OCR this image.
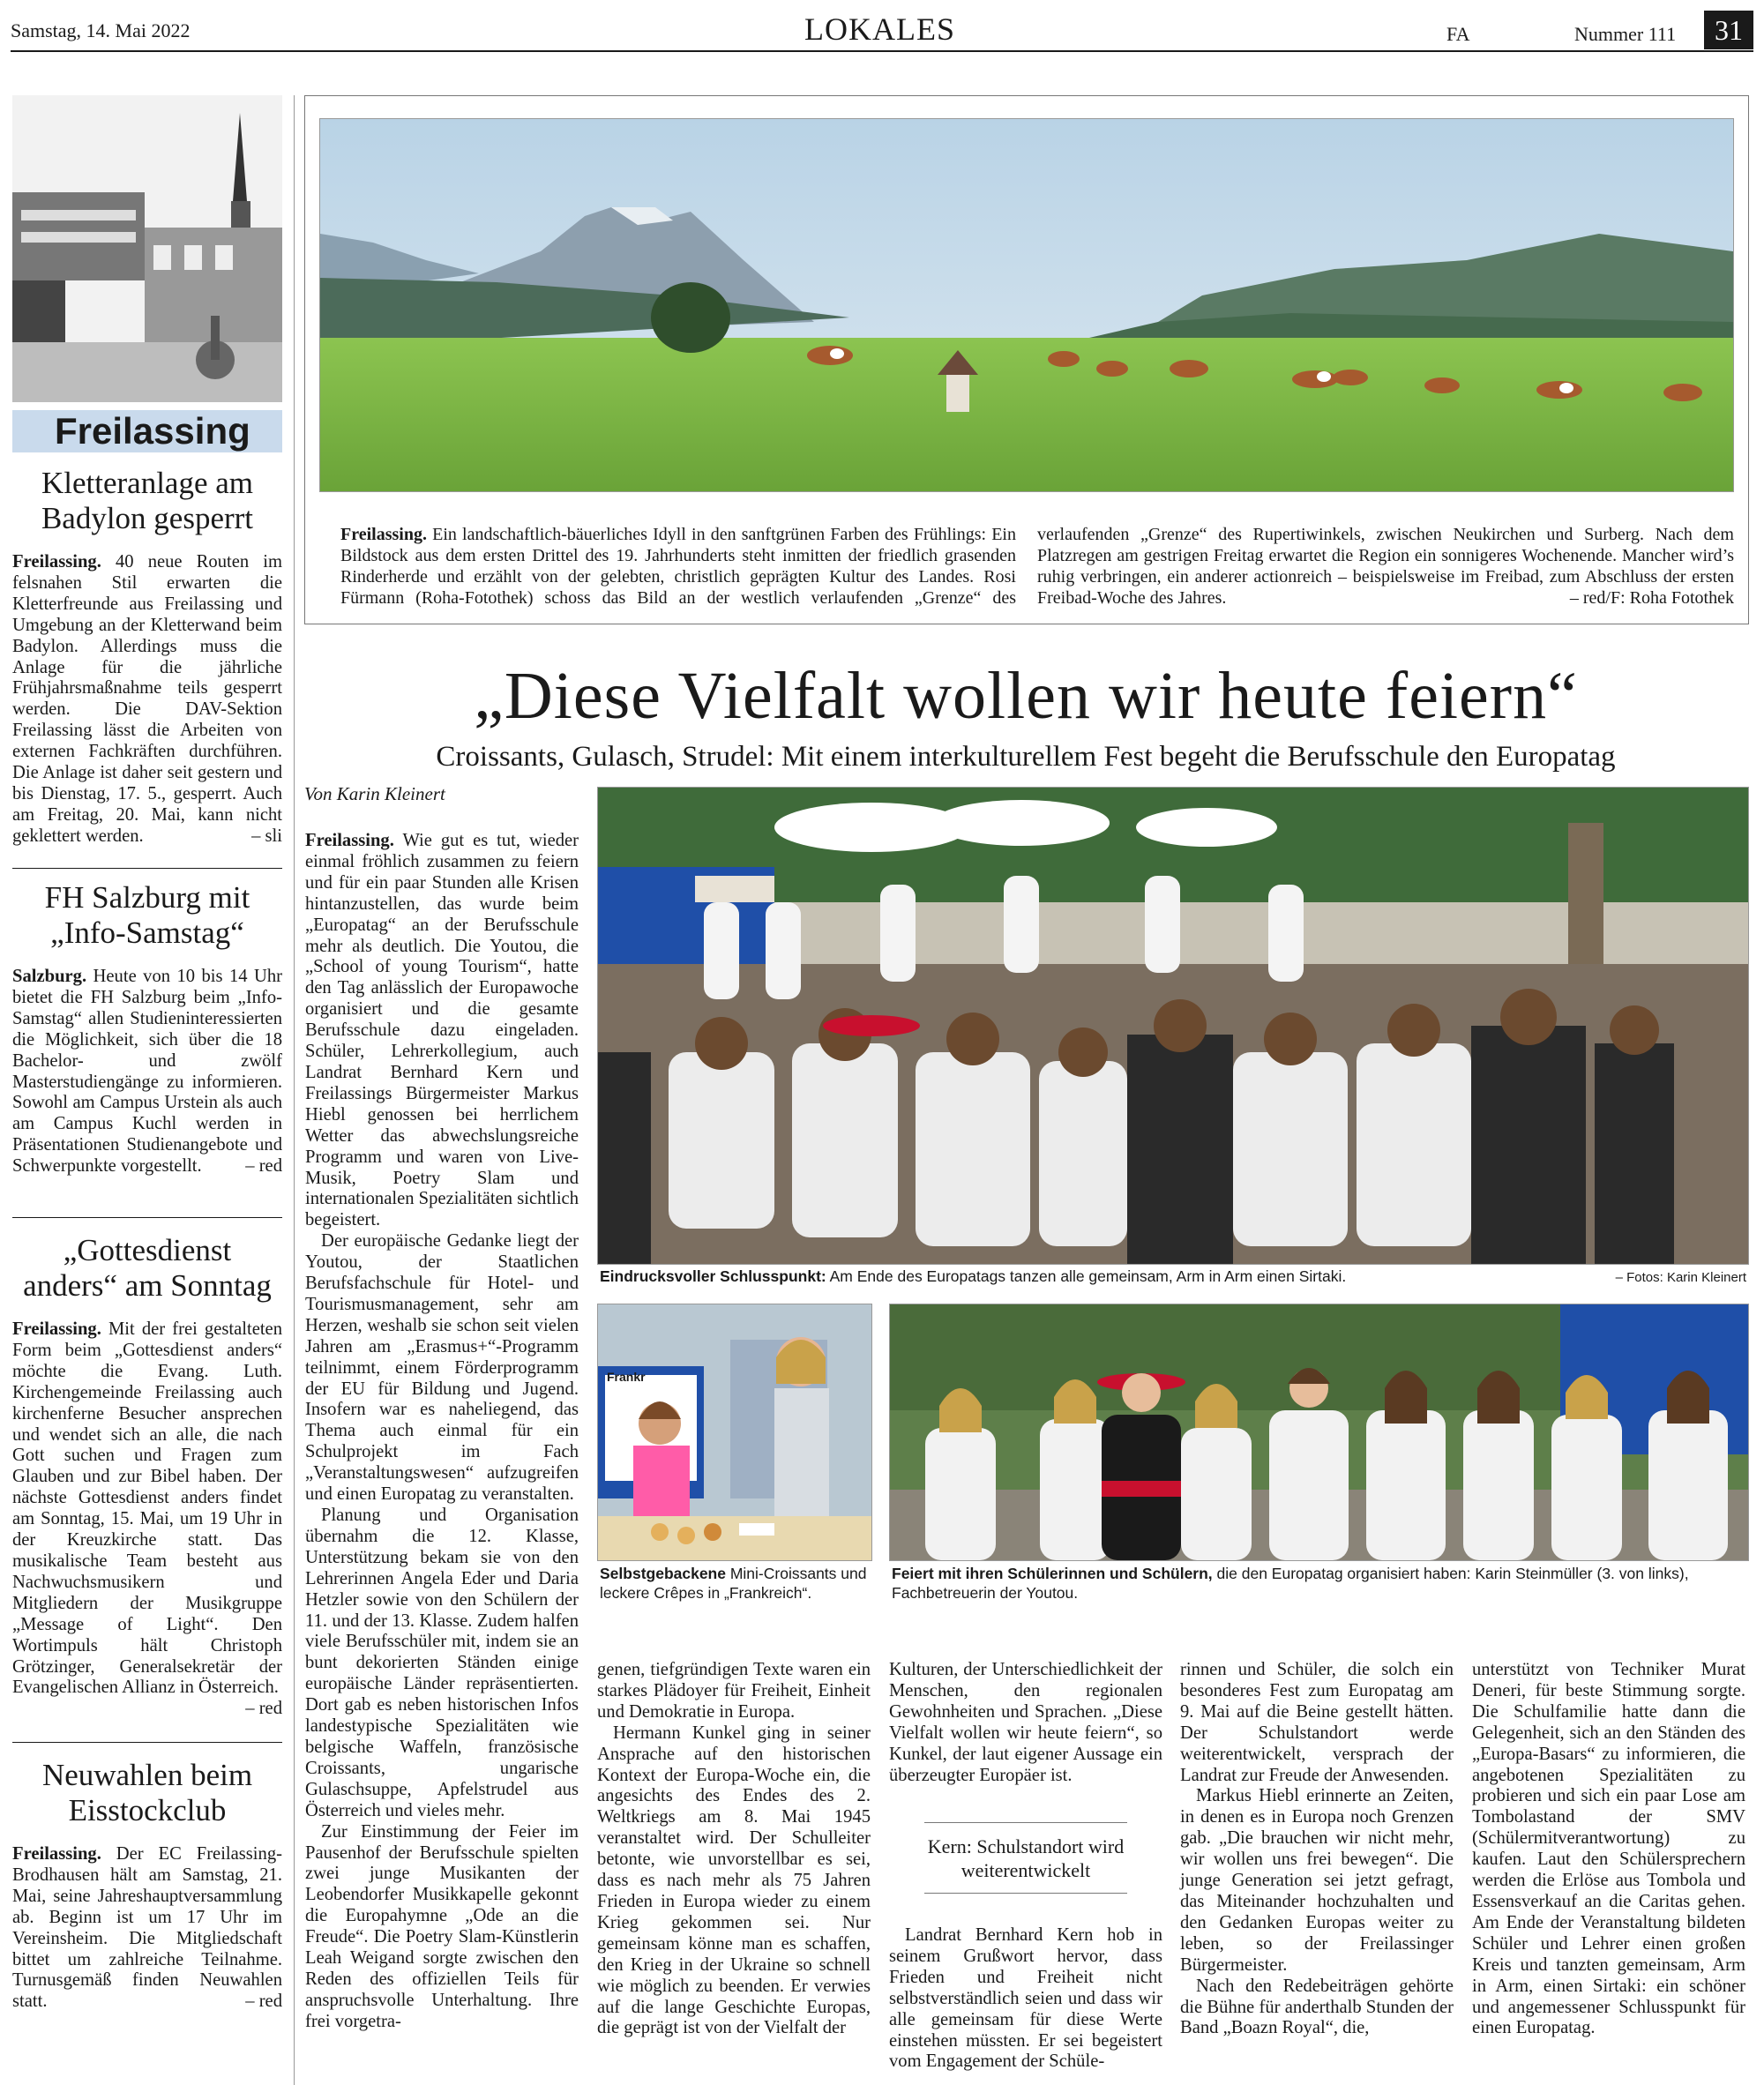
Samstag, 14. Mai 2022	LOKALES	FA	Nummer 111	31
Freilassing
Kletteranlage am Badylon gesperrt

Freilassing. 40 neue Routen im felsnahen Stil erwarten die Kletterfreunde aus Freilassing und Umgebung an der Kletterwand beim Badylon. Allerdings muss die Anlage für die jährliche Frühjahrsmaßnahme teils gesperrt werden. Die DAV-Sektion Freilassing lässt die Arbeiten von externen Fachkräften durchführen. Die Anlage ist daher seit gestern und bis Dienstag, 17. 5., gesperrt. Auch am Freitag, 20. Mai, kann nicht geklettert werden.	– sli

FH Salzburg mit „Info-Samstag“

Salzburg. Heute von 10 bis 14 Uhr bietet die FH Salzburg beim „Info-Samstag“ allen Studieninteressierten die Möglichkeit, sich über die 18 Bachelor- und zwölf Masterstudiengänge zu informieren. Sowohl am Campus Urstein als auch am Campus Kuchl werden in Präsentationen Studienangebote und Schwerpunkte vorgestellt. – red

„Gottesdienst anders“ am Sonntag

Freilassing. Mit der frei gestalteten Form beim „Gottesdienst anders“ möchte die Evang. Luth. Kirchengemeinde Freilassing auch kirchenferne Besucher ansprechen und wendet sich an alle, die nach Gott suchen und Fragen zum Glauben und zur Bibel haben. Der nächste Gottesdienst anders findet am Sonntag, 15. Mai, um 19 Uhr in der Kreuzkirche statt. Das musikalische Team besteht aus Nachwuchsmusikern und Mitgliedern der Musikgruppe „Message of Light“. Den Wortimpuls hält Christoph Grötzinger, Generalsekretär der Evangelischen Allianz in Österreich.
– red

Neuwahlen beim Eisstockclub

Freilassing. Der EC Freilassing-Brodhausen hält am Samstag, 21. Mai, seine Jahreshauptversammlung ab. Beginn ist um 17 Uhr im Vereinsheim. Die Mitgliedschaft bittet um zahlreiche Teilnahme. Turnusgemäß finden Neuwahlen statt.	– red

Freilassing. Ein landschaftlich-bäuerliches Idyll in den sanftgrünen Farben des Frühlings: Ein Bildstock aus dem ersten Drittel des 19. Jahrhunderts steht inmitten der friedlich grasenden Rinderherde und erzählt von der gelebten, christlich geprägten Kultur des Landes. Rosi Fürmann (Roha-Fotothek) schoss das Bild an der westlich verlaufenden „Grenze“ des
verlaufenden „Grenze“ des Rupertiwinkels, zwischen Neukirchen und Surberg. Nach dem Platzregen am gestrigen Freitag erwartet die Region ein sonnigeres Wochenende. Mancher wird’s ruhig verbringen, ein anderer actionreich – beispielsweise im Freibad, zum Abschluss der ersten Freibad-Woche des Jahres.	– red/F: Roha Fotothek
„Diese Vielfalt wollen wir heute feiern“
Croissants, Gulasch, Strudel: Mit einem interkulturellem Fest begeht die Berufsschule den Europatag
Von Karin Kleinert

Freilassing. Wie gut es tut, wieder einmal fröhlich zusammen zu feiern und für ein paar Stunden alle Krisen hintanzustellen, das wurde beim „Europatag“ an der Berufsschule mehr als deutlich. Die Youtou, die „School of young Tourism“, hatte den Tag anlässlich der Europawoche organisiert und die gesamte Berufsschule dazu eingeladen. Schüler, Lehrerkollegium, auch Landrat Bernhard Kern und Freilassings Bürgermeister Markus Hiebl genossen bei herrlichem Wetter das abwechslungsreiche Programm und waren von Live-Musik, Poetry Slam und internationalen Spezialitäten sichtlich begeistert.

Der europäische Gedanke liegt der Youtou, der Staatlichen Berufsfachschule für Hotel- und Tourismusmanagement, sehr am Herzen, weshalb sie schon seit vielen Jahren am „Erasmus+“-Programm teilnimmt, einem Förderprogramm der EU für Bildung und Jugend. Insofern war es naheliegend, das Thema auch einmal für ein Schulprojekt im Fach „Veranstaltungswesen“ aufzugreifen und einen Europatag zu veranstalten.

Planung und Organisation übernahm die 12. Klasse, Unterstützung bekam sie von den Lehrerinnen Angela Eder und Daria Hetzler sowie von den Schülern der 11. und der 13. Klasse. Zudem halfen viele Berufsschüler mit, indem sie an bunt dekorierten Ständen einige europäische Länder repräsentierten. Dort gab es neben historischen Infos landestypische Spezialitäten wie belgische Waffeln, französische Croissants, ungarische Gulaschsuppe, Apfelstrudel aus Österreich und vieles mehr.

Zur Einstimmung der Feier im Pausenhof der Berufsschule spielten zwei junge Musikanten der Leobendorfer Musikkapelle gekonnt die Europahymne „Ode an die Freude“. Die Poetry Slam-Künstlerin Leah Weigand sorgte zwischen den Reden des offiziellen Teils für anspruchsvolle Unterhaltung. Ihre frei vorgetra-

Eindrucksvoller Schlusspunkt: Am Ende des Europatags tanzen alle gemeinsam, Arm in Arm einen Sirtaki.	– Fotos: Karin Kleinert
Frankr
Selbstgebackene Mini-Croissants und leckere Crêpes in „Frankreich“.
Feiert mit ihren Schülerinnen und Schülern, die den Europatag organisiert haben: Karin Steinmüller (3. von links), Fachbetreuerin der Youtou.

genen, tiefgründigen Texte waren ein starkes Plädoyer für Freiheit, Einheit und Demokratie in Europa.

Hermann Kunkel ging in seiner Ansprache auf den historischen Kontext der Europa-Woche ein, die angesichts des Endes des 2. Weltkriegs am 8. Mai 1945 veranstaltet wird. Der Schulleiter betonte, wie unvorstellbar es sei, dass es nach mehr als 75 Jahren Frieden in Europa wieder zu einem Krieg gekommen sei. Nur gemeinsam könne man es schaffen, den Krieg in der Ukraine so schnell wie möglich zu beenden. Er verwies auf die lange Geschichte Europas, die geprägt ist von der Vielfalt der

Kulturen, der Unterschiedlichkeit der Menschen, den regionalen Gewohnheiten und Sprachen. „Diese Vielfalt wollen wir heute feiern“, so Kunkel, der laut eigener Aussage ein überzeugter Europäer ist.

Kern: Schulstandort wird weiterentwickelt

Landrat Bernhard Kern hob in seinem Grußwort hervor, dass Frieden und Freiheit nicht selbstverständlich seien und dass wir alle gemeinsam für diese Werte einstehen müssten. Er sei begeistert vom Engagement der Schüle-

rinnen und Schüler, die solch ein besonderes Fest zum Europatag am 9. Mai auf die Beine gestellt hätten. Der Schulstandort werde weiterentwickelt, versprach der Landrat zur Freude der Anwesenden.

Markus Hiebl erinnerte an Zeiten, in denen es in Europa noch Grenzen gab. „Die brauchen wir nicht mehr, wir wollen uns frei bewegen“. Die junge Generation sei jetzt gefragt, das Miteinander hochzuhalten und den Gedanken Europas weiter zu leben, so der Freilassinger Bürgermeister.

Nach den Redebeiträgen gehörte die Bühne für anderthalb Stunden der Band „Boazn Royal“, die,

unterstützt von Techniker Murat Deneri, für beste Stimmung sorgte. Die Schulfamilie hatte dann die Gelegenheit, sich an den Ständen des „Europa-Basars“ zu informieren, die angebotenen Spezialitäten zu probieren und sich ein paar Lose am Tombolastand der SMV (Schülermitverantwortung) zu kaufen. Laut den Schülersprechern werden die Erlöse aus Tombola und Essensverkauf an die Caritas gehen. Am Ende der Veranstaltung bildeten Schüler und Lehrer einen großen Kreis und tanzten gemeinsam, Arm in Arm, einen Sirtaki: ein schöner und angemessener Schlusspunkt für einen Europatag.
